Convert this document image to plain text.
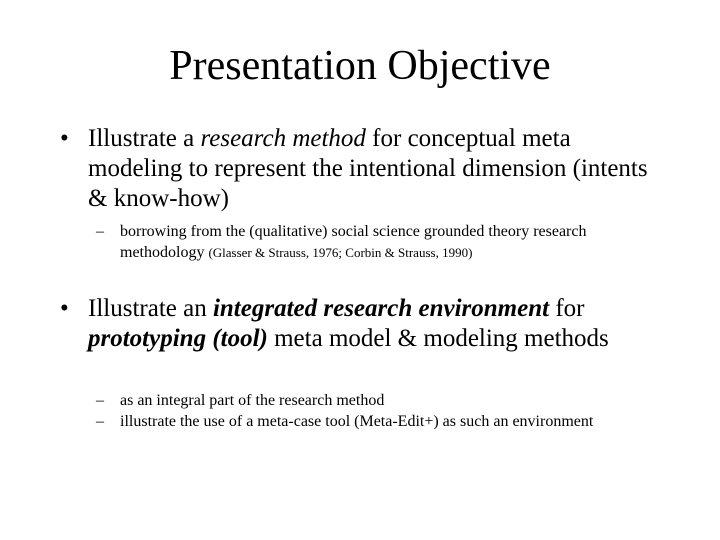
Presentation Objective
• Illustrate a research method for conceptual meta modeling to represent the intentional dimension (intents & know-how)
– borrowing from the (qualitative) social science grounded theory research methodology (Glasser & Strauss, 1976; Corbin & Strauss, 1990)
• Illustrate an integrated research environment for prototyping (tool) meta model & modeling methods
– as an integral part of the research method
– illustrate the use of a meta-case tool (Meta-Edit+) as such an environment
